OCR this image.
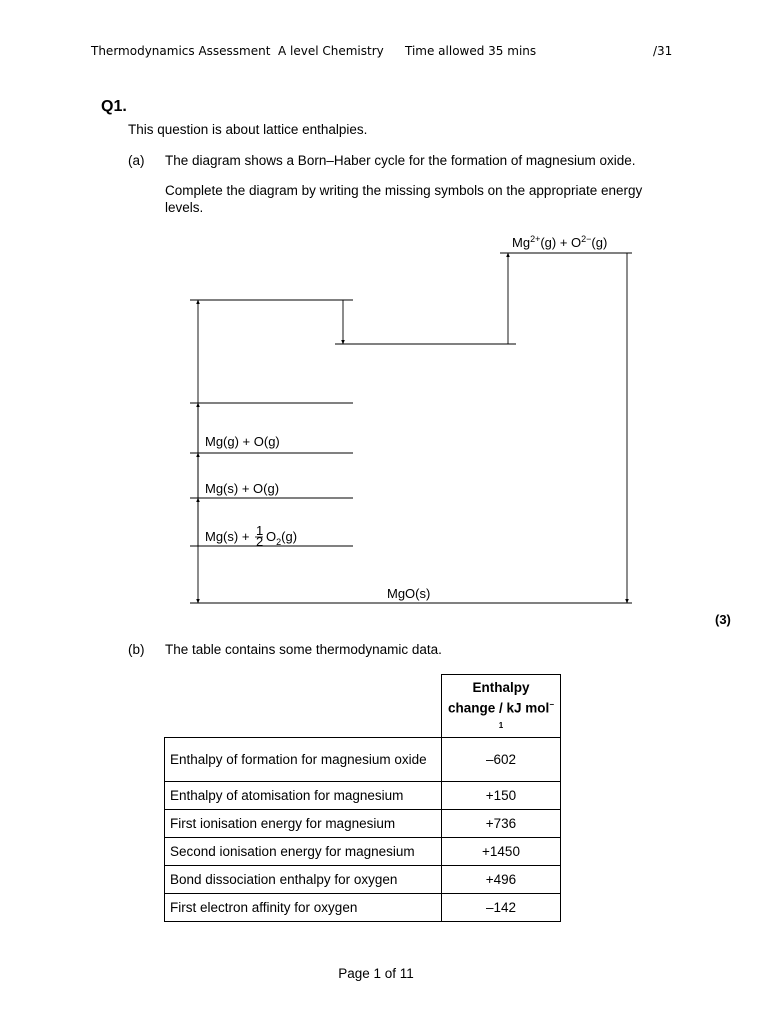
Thermodynamics Assessment A level Chemistry Time allowed 35 mins	/31
Q1.
This question is about lattice enthalpies.
(a) The diagram shows a Born–Haber cycle for the formation of magnesium oxide.
Complete the diagram by writing the missing symbols on the appropriate energy
levels.
$Mg^{2+}(g) + O^{2-}(g)$
Mg(g) + O(g)
Mg(s) + O(g)
Mg(s) + 1
2 $O_2(g)$
MgO(s)
(3)
(b) The table contains some thermodynamic data.
	Enthalpy
change / kJ mol−
$^1$
Enthalpy of formation for magnesium oxide	–602
Enthalpy of atomisation for magnesium	+150
First ionisation energy for magnesium	+736
Second ionisation energy for magnesium	+1450
Bond dissociation enthalpy for oxygen	+496
First electron affinity for oxygen	–142
Page 1 of 11
